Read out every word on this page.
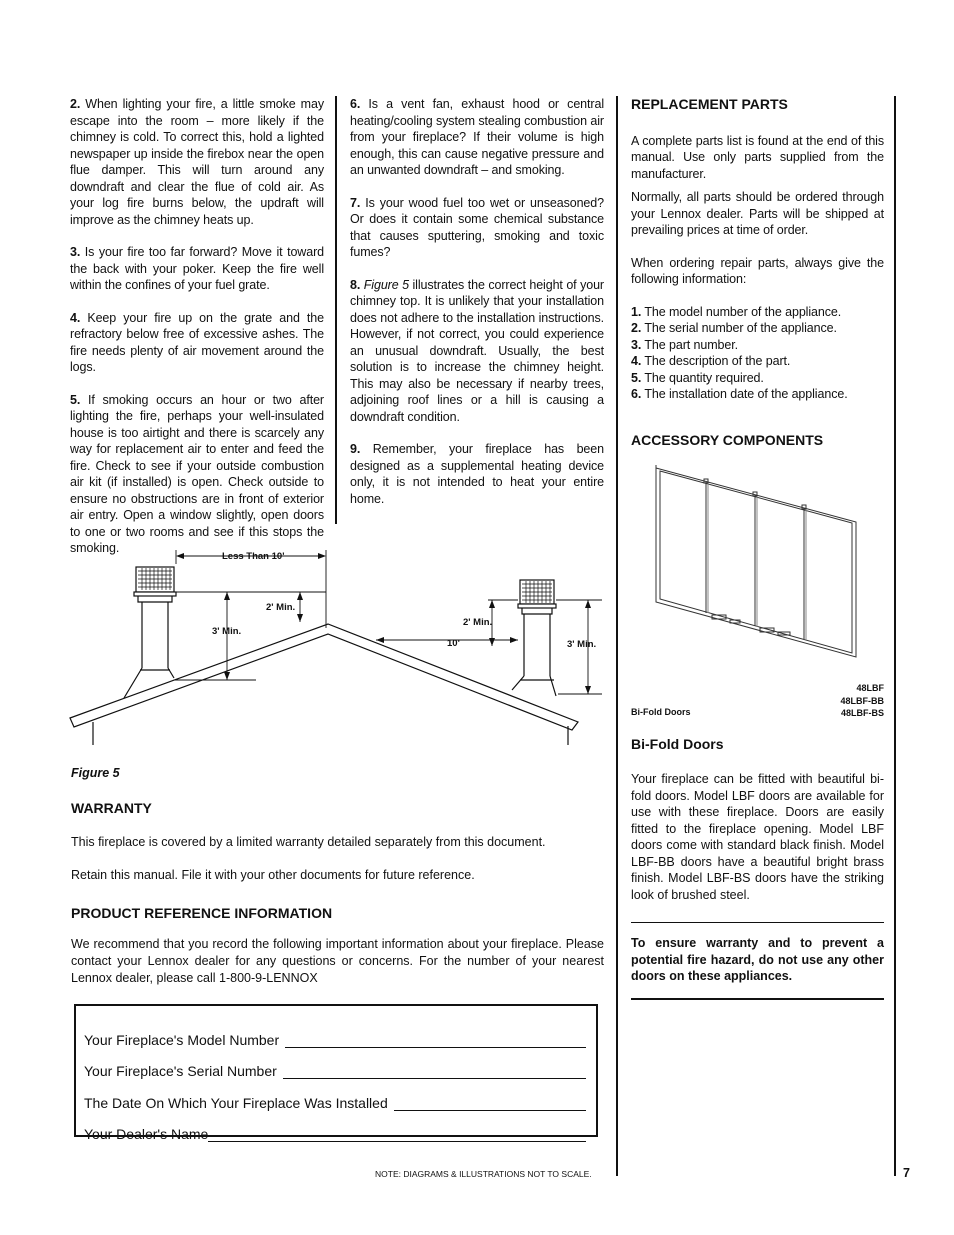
2. When lighting your fire, a little smoke may escape into the room – more likely if the chimney is cold. To correct this, hold a lighted newspaper up inside the firebox near the open flue damper. This will turn around any downdraft and clear the flue of cold air. As your log fire burns below, the updraft will improve as the chimney heats up.

3. Is your fire too far forward? Move it toward the back with your poker. Keep the fire well within the confines of your fuel grate.

4. Keep your fire up on the grate and the refractory below free of excessive ashes. The fire needs plenty of air movement around the logs.

5. If smoking occurs an hour or two after lighting the fire, perhaps your well-insulated house is too airtight and there is scarcely any way for replacement air to enter and feed the fire. Check to see if your outside combustion air kit (if installed) is open. Check outside to ensure no obstructions are in front of exterior air entry. Open a window slightly, open doors to one or two rooms and see if this stops the smoking.

6. Is a vent fan, exhaust hood or central heating/cooling system stealing combustion air from your fireplace? If their volume is high enough, this can cause negative pressure and an unwanted downdraft – and smoking.

7. Is your wood fuel too wet or unseasoned? Or does it contain some chemical substance that causes sputtering, smoking and toxic fumes?

8. Figure 5 illustrates the correct height of your chimney top. It is unlikely that your installation does not adhere to the installation instructions. However, if not correct, you could experience an unusual downdraft. Usually, the best solution is to increase the chimney height. This may also be necessary if nearby trees, adjoining roof lines or a hill is causing a downdraft condition.

9. Remember, your fireplace has been designed as a supplemental heating device only, it is not intended to heat your entire home.

Less Than 10'
2' Min.
3' Min.
10'
2' Min.
3' Min.
Figure 5
WARRANTY
This fireplace is covered by a limited warranty detailed separately from this document.
Retain this manual. File it with your other documents for future reference.
PRODUCT REFERENCE INFORMATION
We recommend that you record the following important information about your fireplace. Please contact your Lennox dealer for any questions or concerns. For the number of your nearest Lennox dealer, please call 1-800-9-LENNOX
Your Fireplace's Model Number
Your Fireplace's Serial Number
The Date On Which Your Fireplace Was Installed
Your Dealer's Name
NOTE: DIAGRAMS & ILLUSTRATIONS NOT TO SCALE.	7
REPLACEMENT PARTS

A complete parts list is found at the end of this manual. Use only parts supplied from the manufacturer.

Normally, all parts should be ordered through your Lennox dealer. Parts will be shipped at prevailing prices at time of order.

When ordering repair parts, always give the following information:

1. The model number of the appliance.
2. The serial number of the appliance.
3. The part number.
4. The description of the part.
5. The quantity required.
6. The installation date of the appliance.
ACCESSORY COMPONENTS
Bi-Fold Doors
48LBF
48LBF-BB
48LBF-BS
Bi-Fold Doors
Your fireplace can be fitted with beautiful bi-fold doors. Model LBF doors are available for use with these fireplace. Doors are easily fitted to the fireplace opening. Model LBF doors come with standard black finish. Model LBF-BB doors have a beautiful bright brass finish. Model LBF-BS doors have the striking look of brushed steel.
To ensure warranty and to prevent a potential fire hazard, do not use any other doors on these appliances.
